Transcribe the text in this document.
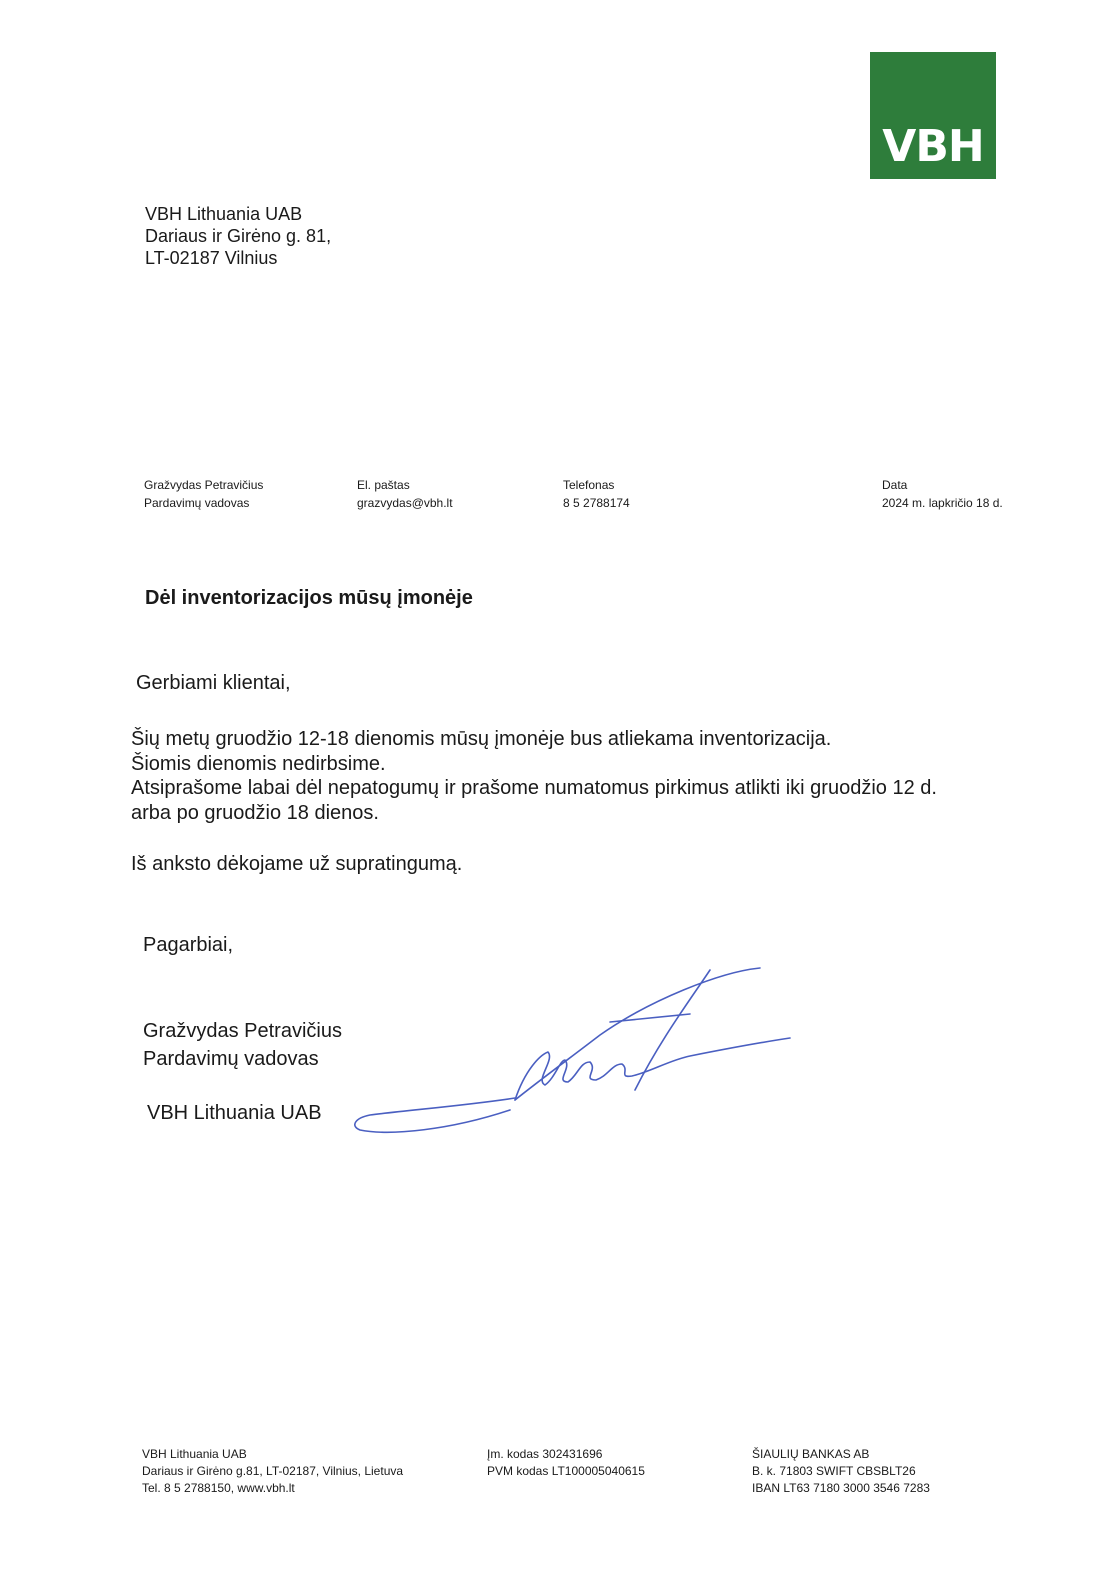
VBH
VBH Lithuania UAB
Dariaus ir Girėno g. 81,
LT-02187 Vilnius
Gražvydas Petravičius
Pardavimų vadovas
El. paštas
grazvydas@vbh.lt
Telefonas
8 5 2788174
Data
2024 m. lapkričio 18 d.
Dėl inventorizacijos mūsų įmonėje
Gerbiami klientai,
Šių metų gruodžio 12-18 dienomis mūsų įmonėje bus atliekama inventorizacija.
Šiomis dienomis nedirbsime.
Atsiprašome labai dėl nepatogumų ir prašome numatomus pirkimus atlikti iki gruodžio 12 d.
arba po gruodžio 18 dienos.
Iš anksto dėkojame už supratingumą.
Pagarbiai,
Gražvydas Petravičius
Pardavimų vadovas
VBH Lithuania UAB
VBH Lithuania UAB
Dariaus ir Girėno g.81, LT-02187, Vilnius, Lietuva
Tel. 8 5 2788150, www.vbh.lt
Įm. kodas 302431696
PVM kodas LT100005040615
ŠIAULIŲ BANKAS AB
B. k. 71803 SWIFT CBSBLT26
IBAN LT63 7180 3000 3546 7283
